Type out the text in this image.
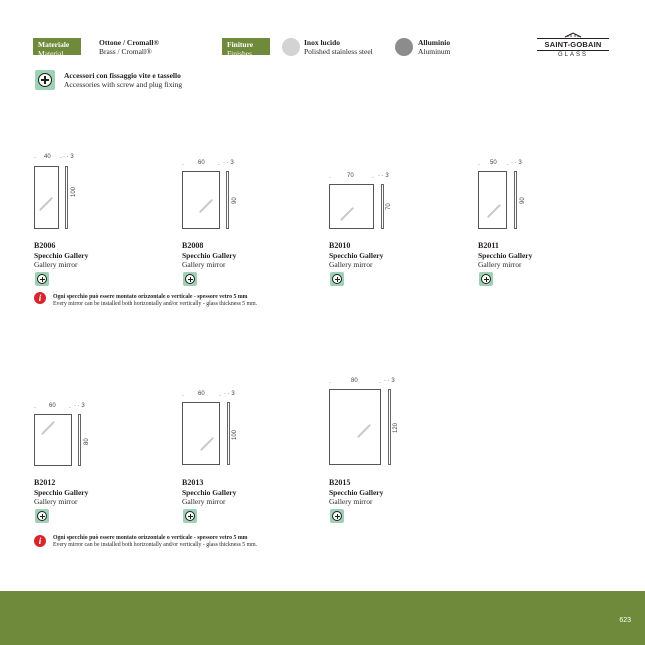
Materiale
Material
Ottone / Cromall®
Brass / Cromall®
Finiture
Finishes
Inox lucido
Polished stainless steel
Alluminio
Aluminum
SAINT-GOBAIN
GLASS
Accessori con fissaggio vite e tassello
Accessories with screw and plug fixing
- 40 - · · 3
100
B2006
Specchio Gallery
Gallery mirror
- 60	- · · 3
90
B2008
Specchio Gallery
Gallery mirror
-	70	- · · 3
70
B2010
Specchio Gallery
Gallery mirror
- 50 - · · 3
90
B2011
Specchio Gallery
Gallery mirror
i	Ogni specchio può essere montato orizzontale o verticale - spessore vetro 5 mm
Every mirror can be installed both horizontally and/or vertically - glass thickness 5 mm.
- 60	- · · 3
80
B2012
Specchio Gallery
Gallery mirror
- 60	- · · 3
100
B2013
Specchio Gallery
Gallery mirror
-	80	- · · 3
120
B2015
Specchio Gallery
Gallery mirror
i	Ogni specchio può essere montato orizzontale o verticale - spessore vetro 5 mm
Every mirror can be installed both horizontally and/or vertically - glass thickness 5 mm.
623
